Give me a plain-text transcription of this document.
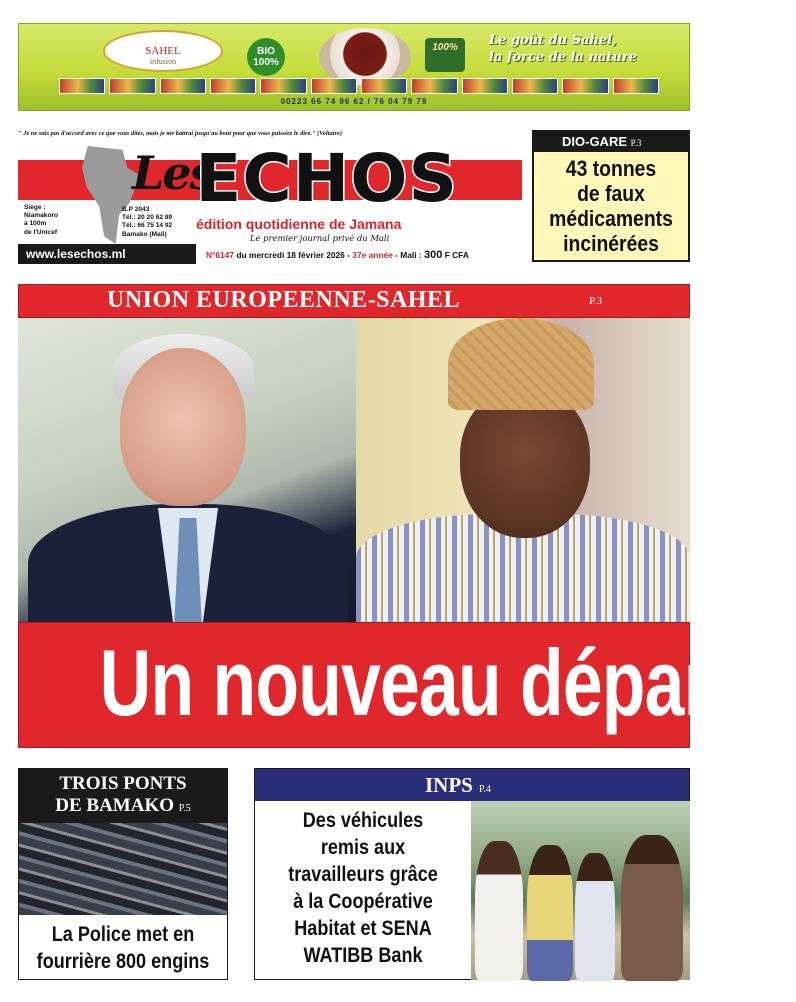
SAHEL
infusion
BIO 100%
100%	Le goût du Sahel,
la force de la nature
00223 66 74 96 62 / 76 04 79 79
" Je ne suis pas d'accord avec ce que vous dites, mais je me battrai jusqu'au bout pour que vous puissiez le dire." (Voltaire)
Les
ECHOS
édition quotidienne de Jamana
Le premier journal privé du Mali
Siège :
Niamakoro
à 100m
de l'Unicef
B.P 2043
Tél.: 20 20 62 89
Tél.: 66 75 14 92
Bamako (Mali)
www.lesechos.ml	N°6147 du mercredi 18 février 2026 - 37e année - Mali : 300 F CFA
DIO-GARE P.3
43 tonnes
de faux
médicaments
incinérées
UNION EUROPEENNE-SAHEL	P.3
Un nouveau départ ?
TROIS PONTS
DE BAMAKO P.5
La Police met en
fourrière 800 engins
INPS P.4
Des véhicules
remis aux
travailleurs grâce
à la Coopérative
Habitat et SENA
WATIBB Bank
